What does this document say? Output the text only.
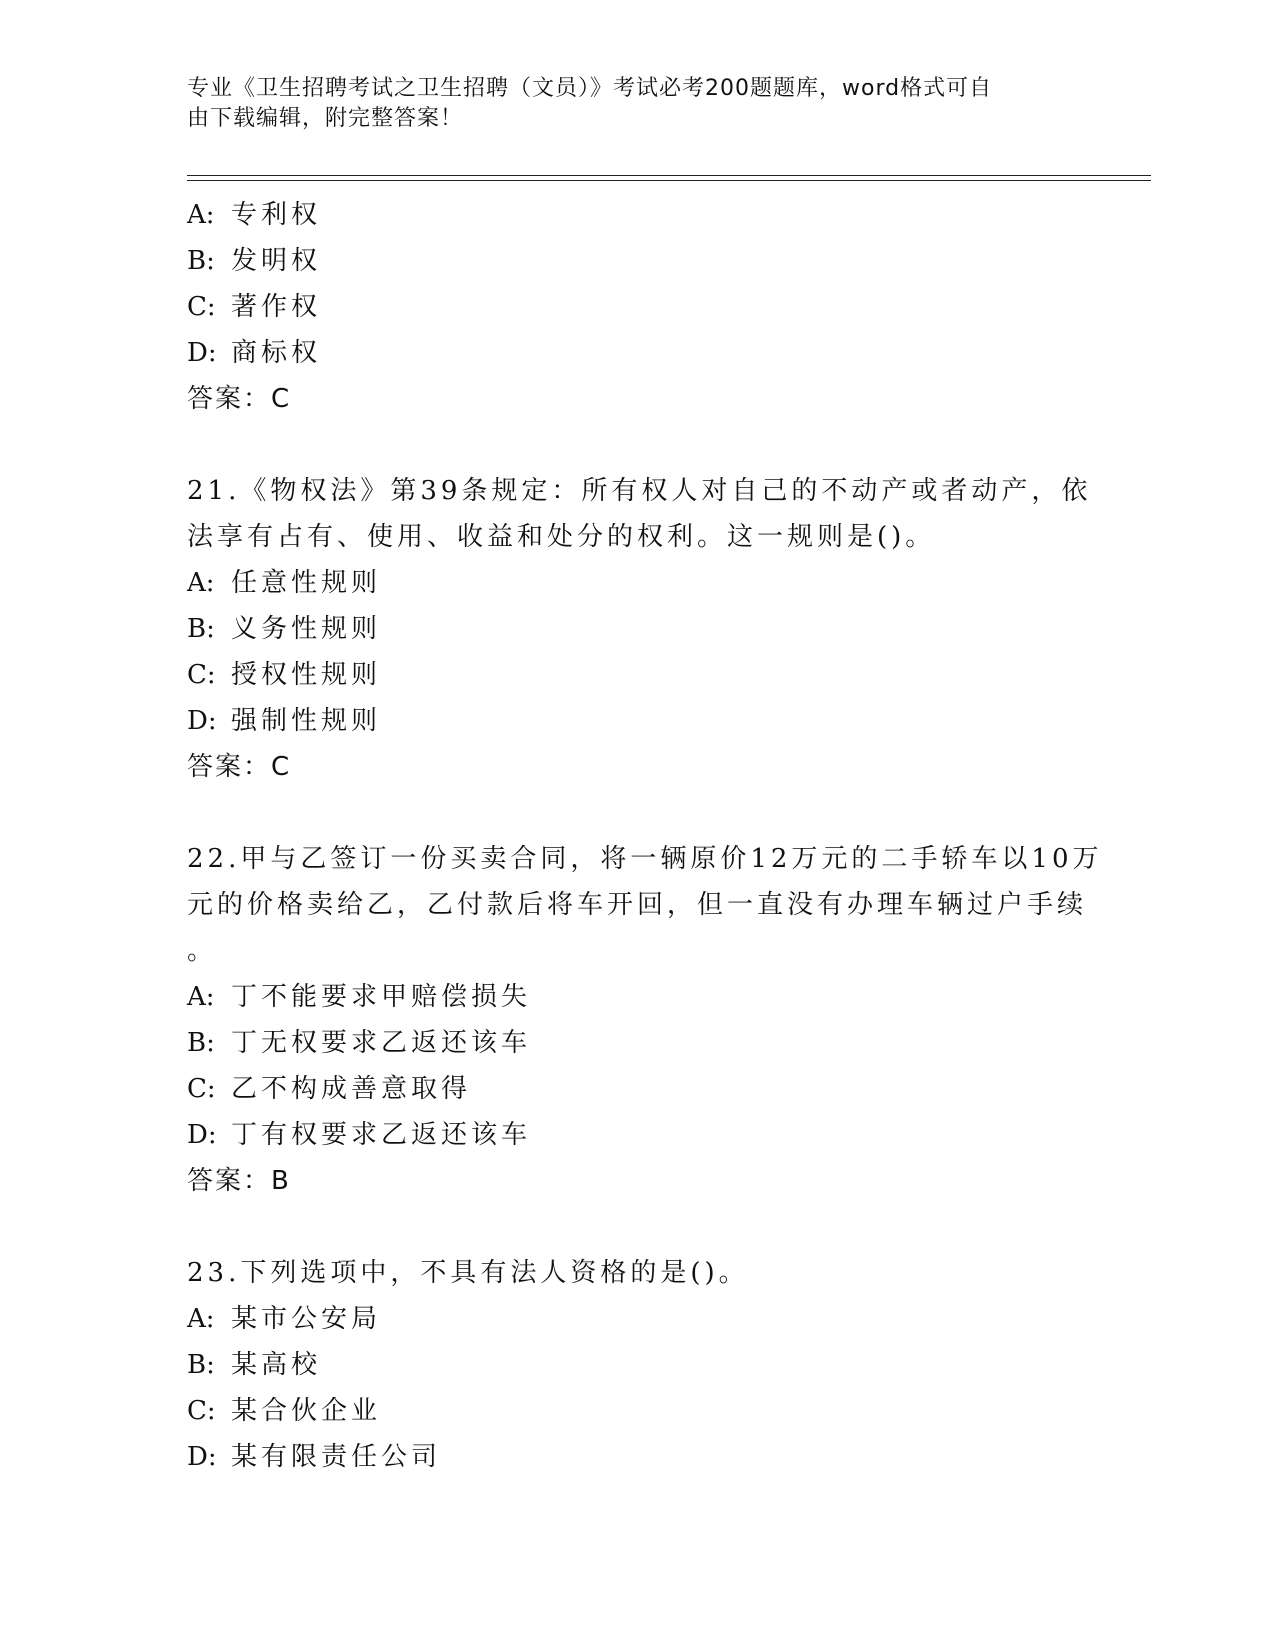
专业《卫生招聘考试之卫生招聘（文员）》考试必考200题题库，word格式可自
由下载编辑，附完整答案！
A: 专利权
B: 发明权
C: 著作权
D: 商标权
答案：C
21.《物权法》第39条规定：所有权人对自己的不动产或者动产，依
法享有占有、使用、收益和处分的权利。这一规则是()。
A: 任意性规则
B: 义务性规则
C: 授权性规则
D: 强制性规则
答案：C
22.甲与乙签订一份买卖合同，将一辆原价12万元的二手轿车以10万
元的价格卖给乙，乙付款后将车开回，但一直没有办理车辆过户手续
。
A: 丁不能要求甲赔偿损失
B: 丁无权要求乙返还该车
C: 乙不构成善意取得
D: 丁有权要求乙返还该车
答案：B
23.下列选项中，不具有法人资格的是()。
A: 某市公安局
B: 某高校
C: 某合伙企业
D: 某有限责任公司
